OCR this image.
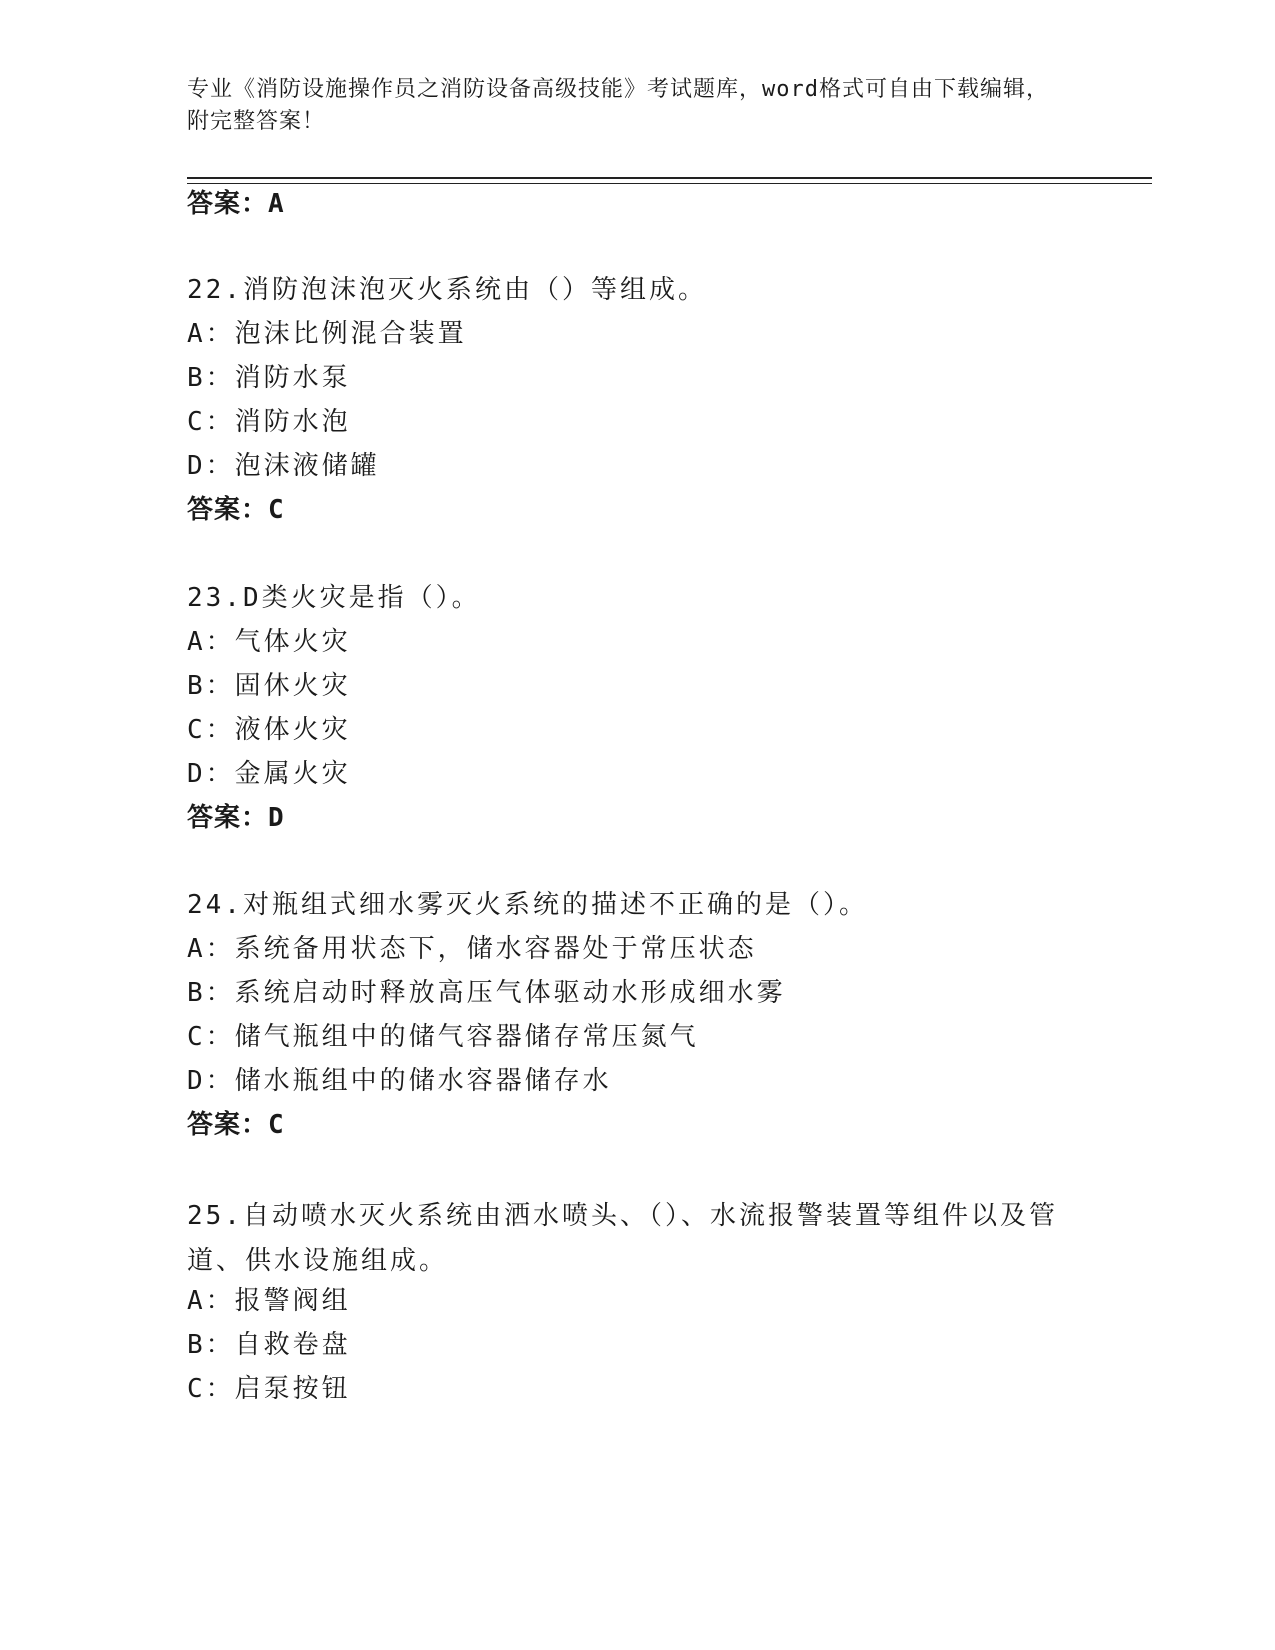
专业《消防设施操作员之消防设备高级技能》考试题库，word格式可自由下载编辑，附完整答案！
答案：A
22.消防泡沫泡灭火系统由（）等组成。
A：泡沫比例混合装置
B：消防水泵
C：消防水泡
D：泡沫液储罐
答案：C
23.D类火灾是指（）。
A：气体火灾
B：固休火灾
C：液体火灾
D：金属火灾
答案：D
24.对瓶组式细水雾灭火系统的描述不正确的是（）。
A：系统备用状态下，储水容器处于常压状态
B：系统启动时释放高压气体驱动水形成细水雾
C：储气瓶组中的储气容器储存常压氮气
D：储水瓶组中的储水容器储存水
答案：C
25.自动喷水灭火系统由洒水喷头、（）、水流报警装置等组件以及管道、供水设施组成。
A：报警阀组
B：自救卷盘
C：启泵按钮
